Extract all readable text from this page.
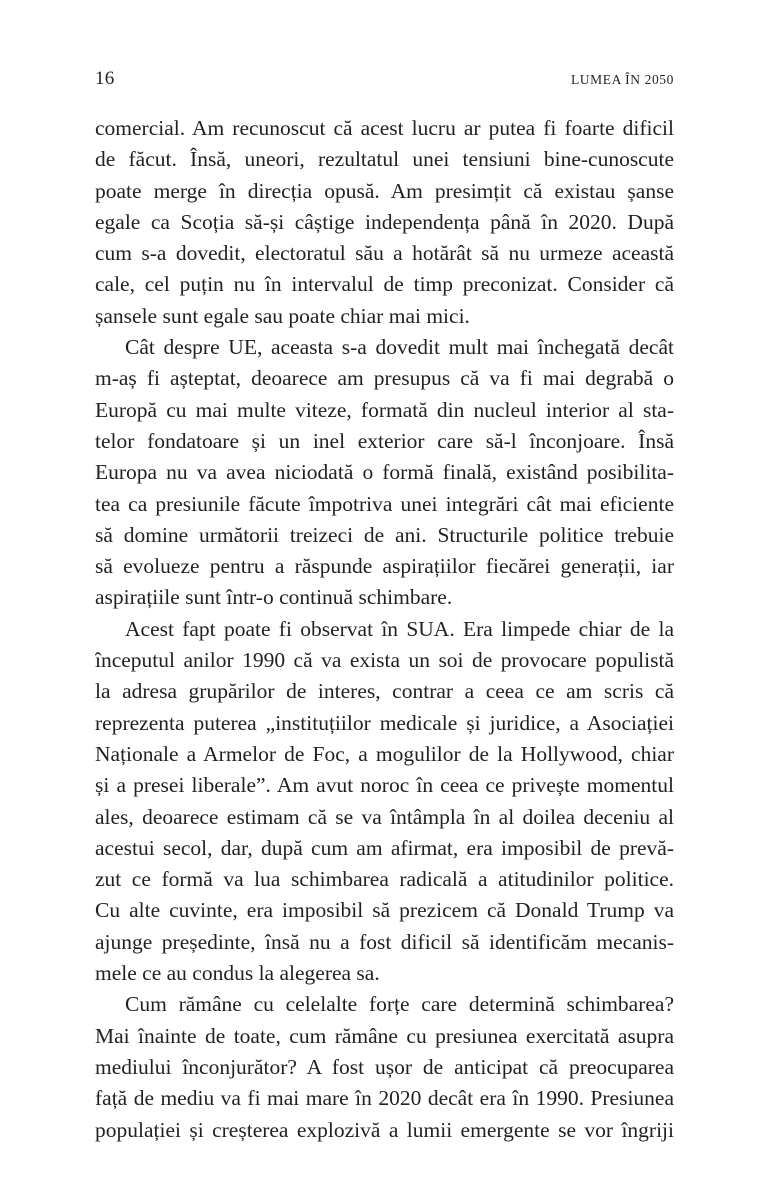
16	LUMEA ÎN 2050
comercial. Am recunoscut că acest lucru ar putea fi foarte dificil
de făcut. Însă, uneori, rezultatul unei tensiuni bine-cunoscute
poate merge în direcția opusă. Am presimțit că existau șanse
egale ca Scoția să-și câștige independența până în 2020. După
cum s-a dovedit, electoratul său a hotărât să nu urmeze această
cale, cel puțin nu în intervalul de timp preconizat. Consider că
șansele sunt egale sau poate chiar mai mici.
Cât despre UE, aceasta s-a dovedit mult mai închegată decât
m-aș fi așteptat, deoarece am presupus că va fi mai degrabă o
Europă cu mai multe viteze, formată din nucleul interior al sta-
telor fondatoare și un inel exterior care să-l înconjoare. Însă
Europa nu va avea niciodată o formă finală, existând posibilita-
tea ca presiunile făcute împotriva unei integrări cât mai eficiente
să domine următorii treizeci de ani. Structurile politice trebuie
să evolueze pentru a răspunde aspirațiilor fiecărei generații, iar
aspirațiile sunt într-o continuă schimbare.
Acest fapt poate fi observat în SUA. Era limpede chiar de la
începutul anilor 1990 că va exista un soi de provocare populistă
la adresa grupărilor de interes, contrar a ceea ce am scris că
reprezenta puterea „instituțiilor medicale și juridice, a Asociației
Naționale a Armelor de Foc, a mogulilor de la Hollywood, chiar
și a presei liberale”. Am avut noroc în ceea ce privește momentul
ales, deoarece estimam că se va întâmpla în al doilea deceniu al
acestui secol, dar, după cum am afirmat, era imposibil de prevă-
zut ce formă va lua schimbarea radicală a atitudinilor politice.
Cu alte cuvinte, era imposibil să prezicem că Donald Trump va
ajunge președinte, însă nu a fost dificil să identificăm mecanis-
mele ce au condus la alegerea sa.
Cum rămâne cu celelalte forțe care determină schimbarea?
Mai înainte de toate, cum rămâne cu presiunea exercitată asupra
mediului înconjurător? A fost ușor de anticipat că preocuparea
față de mediu va fi mai mare în 2020 decât era în 1990. Presiunea
populației și creșterea explozivă a lumii emergente se vor îngriji
